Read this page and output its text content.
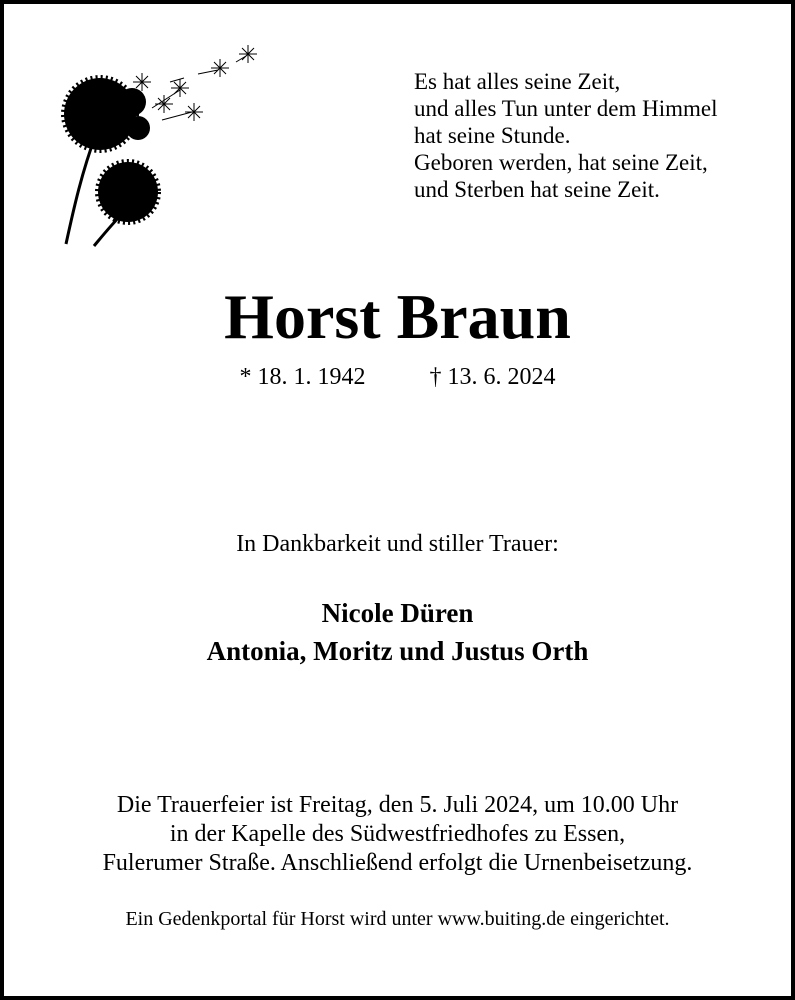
Es hat alles seine Zeit,
und alles Tun unter dem Himmel
hat seine Stunde.
Geboren werden, hat seine Zeit,
und Sterben hat seine Zeit.
Horst Braun
* 18. 1. 1942	† 13. 6. 2024
In Dankbarkeit und stiller Trauer:
Nicole Düren
Antonia, Moritz und Justus Orth
Die Trauerfeier ist Freitag, den 5. Juli 2024, um 10.00 Uhr
in der Kapelle des Südwestfriedhofes zu Essen,
Fulerumer Straße. Anschließend erfolgt die Urnenbeisetzung.
Ein Gedenkportal für Horst wird unter www.buiting.de eingerichtet.
